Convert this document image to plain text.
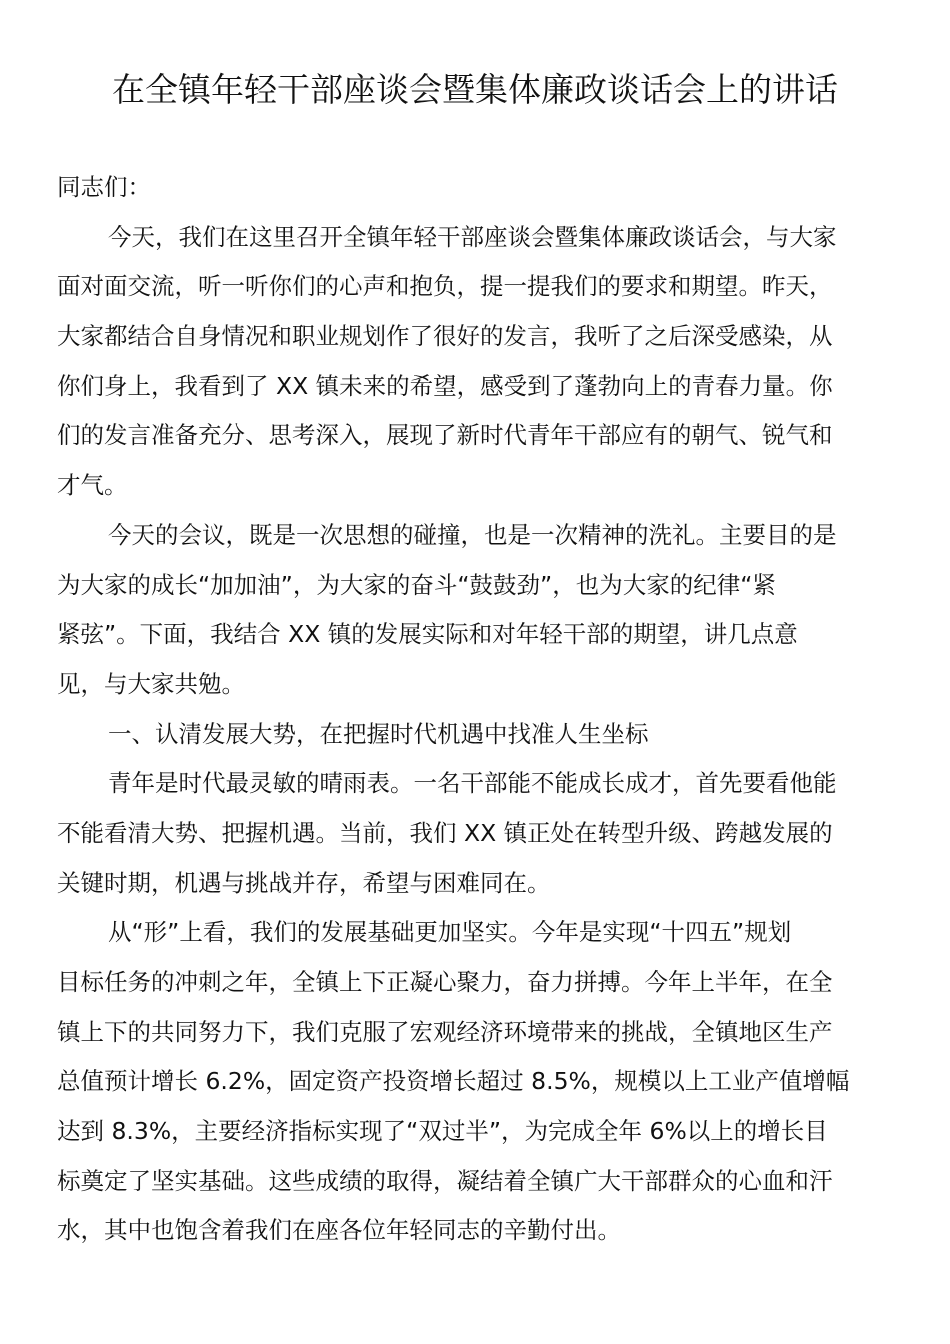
在全镇年轻干部座谈会暨集体廉政谈话会上的讲话
同志们：
今天，我们在这里召开全镇年轻干部座谈会暨集体廉政谈话会，与大家
面对面交流，听一听你们的心声和抱负，提一提我们的要求和期望。昨天，
大家都结合自身情况和职业规划作了很好的发言，我听了之后深受感染，从
你们身上，我看到了 XX 镇未来的希望，感受到了蓬勃向上的青春力量。你
们的发言准备充分、思考深入，展现了新时代青年干部应有的朝气、锐气和
才气。
今天的会议，既是一次思想的碰撞，也是一次精神的洗礼。主要目的是
为大家的成长“加加油”，为大家的奋斗“鼓鼓劲”，也为大家的纪律“紧
紧弦”。下面，我结合 XX 镇的发展实际和对年轻干部的期望，讲几点意
见，与大家共勉。
一、认清发展大势，在把握时代机遇中找准人生坐标
青年是时代最灵敏的晴雨表。一名干部能不能成长成才，首先要看他能
不能看清大势、把握机遇。当前，我们 XX 镇正处在转型升级、跨越发展的
关键时期，机遇与挑战并存，希望与困难同在。
从“形”上看，我们的发展基础更加坚实。今年是实现“十四五”规划
目标任务的冲刺之年，全镇上下正凝心聚力，奋力拼搏。今年上半年，在全
镇上下的共同努力下，我们克服了宏观经济环境带来的挑战，全镇地区生产
总值预计增长 6.2%，固定资产投资增长超过 8.5%，规模以上工业产值增幅
达到 8.3%，主要经济指标实现了“双过半”，为完成全年 6%以上的增长目
标奠定了坚实基础。这些成绩的取得，凝结着全镇广大干部群众的心血和汗
水，其中也饱含着我们在座各位年轻同志的辛勤付出。
